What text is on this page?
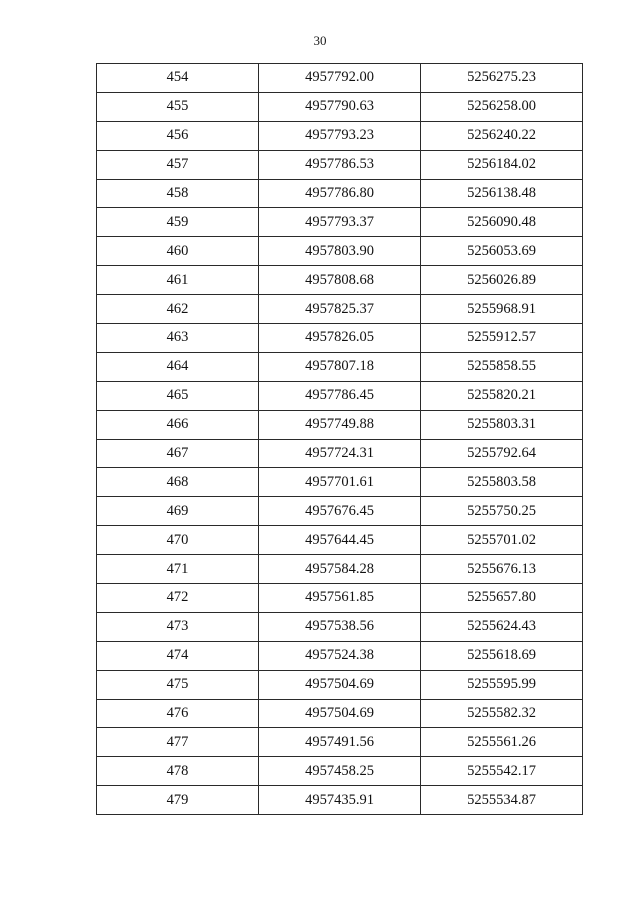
30
454	4957792.00	5256275.23
455	4957790.63	5256258.00
456	4957793.23	5256240.22
457	4957786.53	5256184.02
458	4957786.80	5256138.48
459	4957793.37	5256090.48
460	4957803.90	5256053.69
461	4957808.68	5256026.89
462	4957825.37	5255968.91
463	4957826.05	5255912.57
464	4957807.18	5255858.55
465	4957786.45	5255820.21
466	4957749.88	5255803.31
467	4957724.31	5255792.64
468	4957701.61	5255803.58
469	4957676.45	5255750.25
470	4957644.45	5255701.02
471	4957584.28	5255676.13
472	4957561.85	5255657.80
473	4957538.56	5255624.43
474	4957524.38	5255618.69
475	4957504.69	5255595.99
476	4957504.69	5255582.32
477	4957491.56	5255561.26
478	4957458.25	5255542.17
479	4957435.91	5255534.87
